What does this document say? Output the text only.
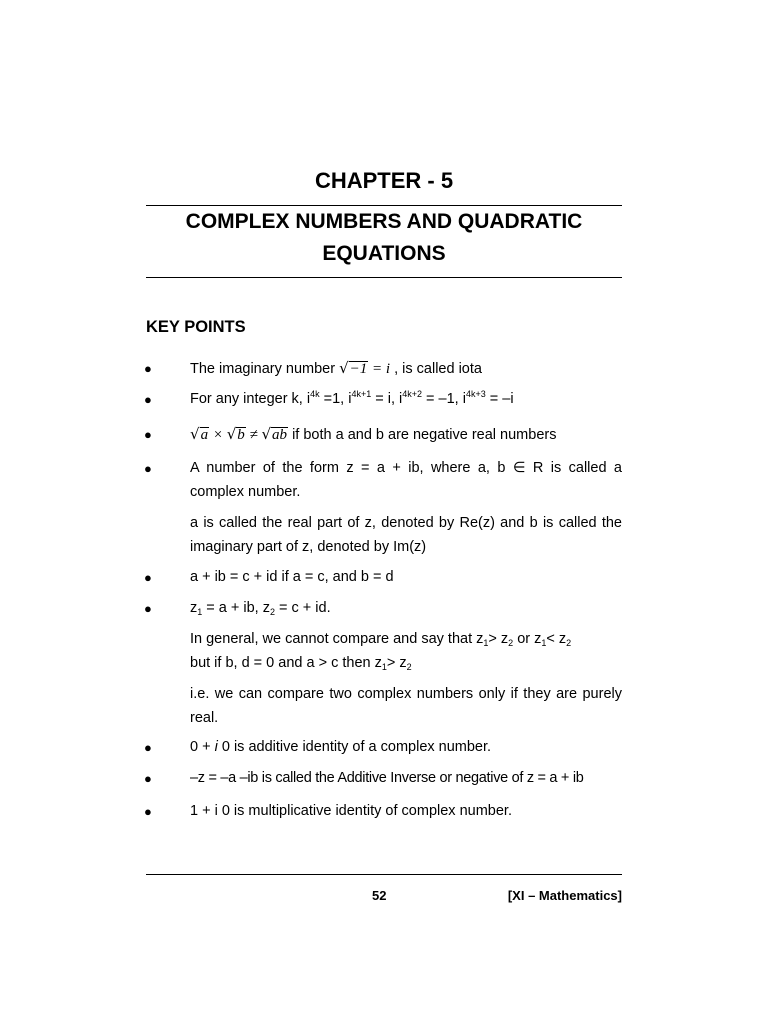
CHAPTER - 5
COMPLEX NUMBERS AND QUADRATIC
EQUATIONS
KEY POINTS
●
●
●
●
●
●
●
●
●
The imaginary number √−1 = i , is called iota
For any integer k, $i^{4k} =1$, $i^{4k+1} = i$, $i^{4k+2} = -1$, $i^{4k+3} = -i$
√a × √b ≠ √ab if both a and b are negative real numbers
A number of the form z = a + ib, where a, b ∈ R is called a complex number.
a is called the real part of z, denoted by Re(z) and b is called the imaginary part of z, denoted by Im(z)
a + ib = c + id if a = c, and b = d
$z_1 = a$ + ib, $z_2 = c$ + id.
In general, we cannot compare and say that $z_1> z_2$ or $z_1< z_2$
but if b, d = 0 and a > c then $z_1> z_2$
i.e. we can compare two complex numbers only if they are purely real.
0 + i 0 is additive identity of a complex number.
–z = –a –ib is called the Additive Inverse or negative of z = a + ib
1 + i 0 is multiplicative identity of complex number.
52	[XI – Mathematics]
